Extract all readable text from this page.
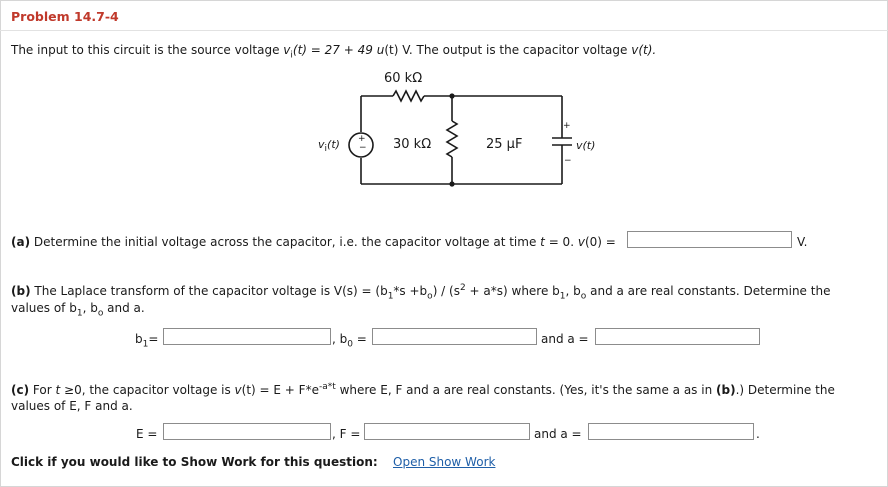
Problem 14.7-4
The input to this circuit is the source voltage $v_i(t) = 27 + 49$ u(t) V. The output is the capacitor voltage v(t).
60 kΩ
30 kΩ	25 µF
$v_i(t)$ +
−
+
v(t)
−
(a) Determine the initial voltage across the capacitor, i.e. the capacitor voltage at time t = 0. v(0) =	V.
(b) The Laplace transform of the capacitor voltage is $V(s) = (b_1*s +b_o) / (s^2 + a*s)$ where $b_1$, $b_o$ and a are real constants. Determine the
values of $b_1$, $b_o$ and a.
$b_1=$	, $b_0$ =	and a =
(c) For t ≥0, the capacitor voltage is $v(t) = E + F*e^{-a*t}$ where E, F and a are real constants. (Yes, it's the same a as in (b).) Determine the
values of E, F and a.
E =	, F =	and a =	.
Click if you would like to Show Work for this question: Open Show Work
